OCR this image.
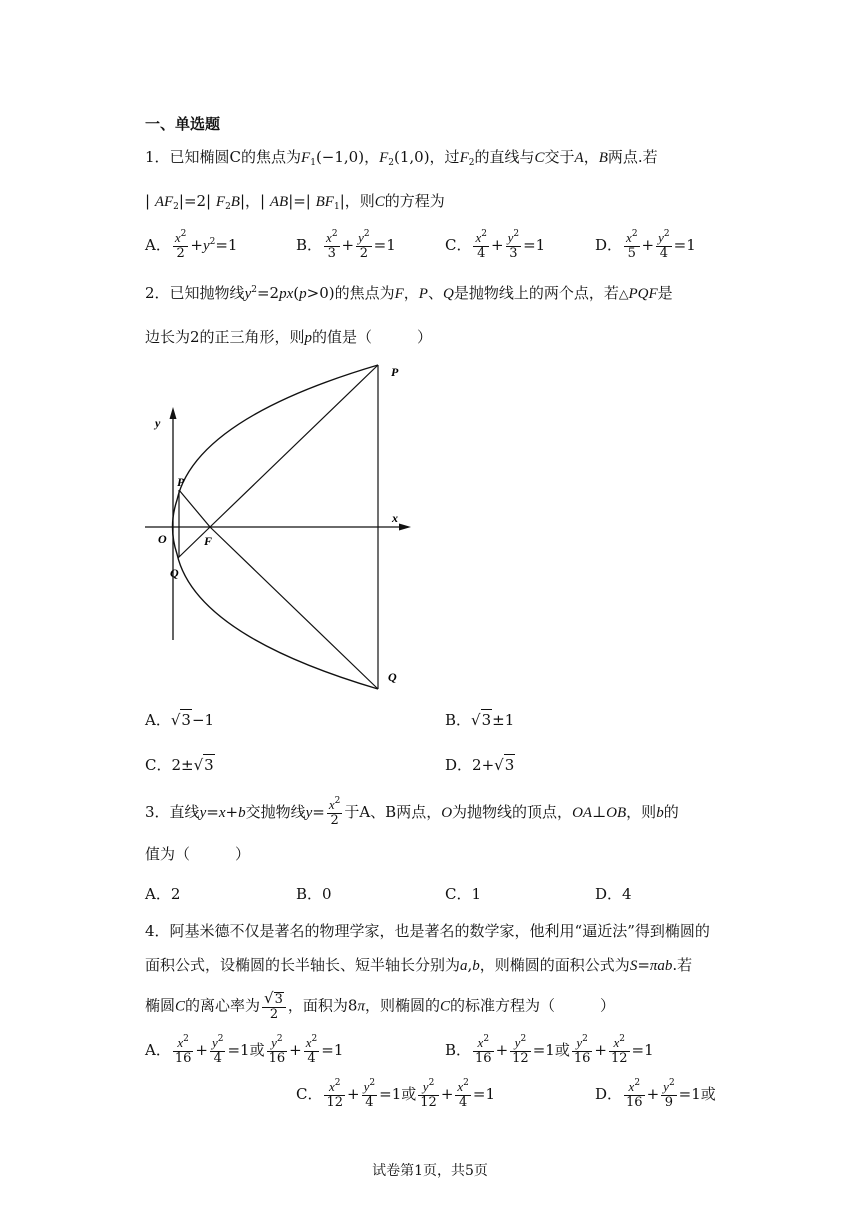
一、单选题
1．已知椭圆C的焦点为$F_1(-1,0)$，$F_2(1,0)$，过$F_2$的直线与C交于A，B两点.若
| $AF_2|=2|$ $F_2B|$，| AB|=| $BF_1|$，则C的方程为
A． $\frac{x^2}{2} +y^2=1$	B． $\frac{x^2}{3} + \frac{y^2}{2} =1$	C． $\frac{x^2}{4} + \frac{y^2}{3} =1$	D． $\frac{x^2}{5} + \frac{y^2}{4} =1$
2．已知抛物线$y^2=2px(p>0)$的焦点为F，P、Q是抛物线上的两个点，若△PQF是
边长为2的正三角形，则p的值是（　　　）
y
x
O	F
P
Q
P
Q
A．√3−1	B．√3±1
C．2±√3	D．2+√3
3．直线y=x+b交抛物线$y= \frac{x^2}{2}$ 于A、B两点，O为抛物线的顶点，OA⊥OB，则b的
值为（　　　）
A．2	B．0	C．1	D．4
4．阿基米德不仅是著名的物理学家，也是著名的数学家，他利用“逼近法”得到椭圆的
面积公式，设椭圆的长半轴长、短半轴长分别为a,b，则椭圆的面积公式为S=πab.若
椭圆C的离心率为 $\frac{√3}{2}$ ，面积为8π，则椭圆的C的标准方程为（　　　）
A． $\frac{x^2}{16} + \frac{y^2}{4} =1$或 $\frac{y^2}{16} + \frac{x^2}{4} =1$	B． $\frac{x^2}{16} + \frac{y^2}{12} =1$或 $\frac{y^2}{16} + \frac{x^2}{12} =1$
C． $\frac{x^2}{12} + \frac{y^2}{4} =1$或 $\frac{y^2}{12} + \frac{x^2}{4} =1$	D． $\frac{x^2}{16} + \frac{y^2}{9} =1$或
试卷第1页，共5页
